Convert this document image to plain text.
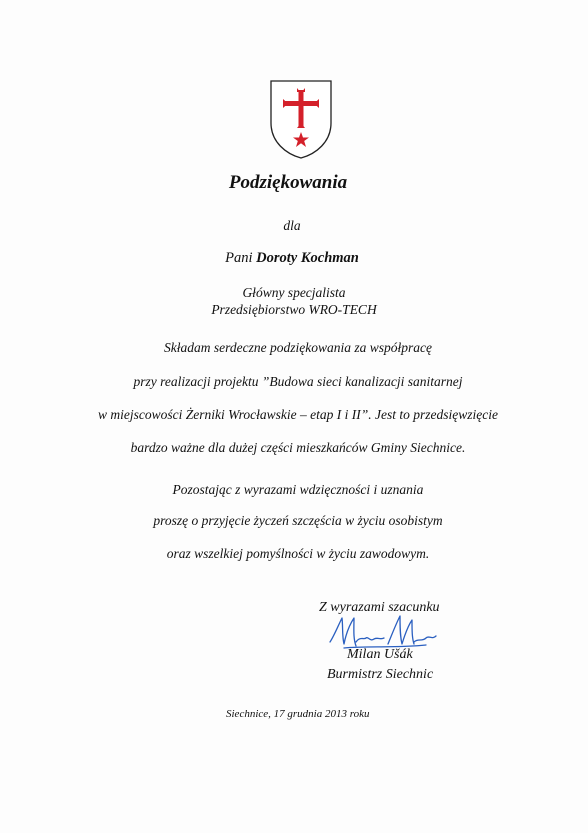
Podziękowania
dla
Pani Doroty Kochman
Główny specjalista
Przedsiębiorstwo WRO-TECH
Składam serdeczne podziękowania za współpracę
przy realizacji projektu ”Budowa sieci kanalizacji sanitarnej
w miejscowości Żerniki Wrocławskie – etap I i II”. Jest to przedsięwzięcie
bardzo ważne dla dużej części mieszkańców Gminy Siechnice.
Pozostając z wyrazami wdzięczności i uznania
proszę o przyjęcie życzeń szczęścia w życiu osobistym
oraz wszelkiej pomyślności w życiu zawodowym.
Z wyrazami szacunku
Milan Ušák
Burmistrz Siechnic
Siechnice, 17 grudnia 2013 roku
